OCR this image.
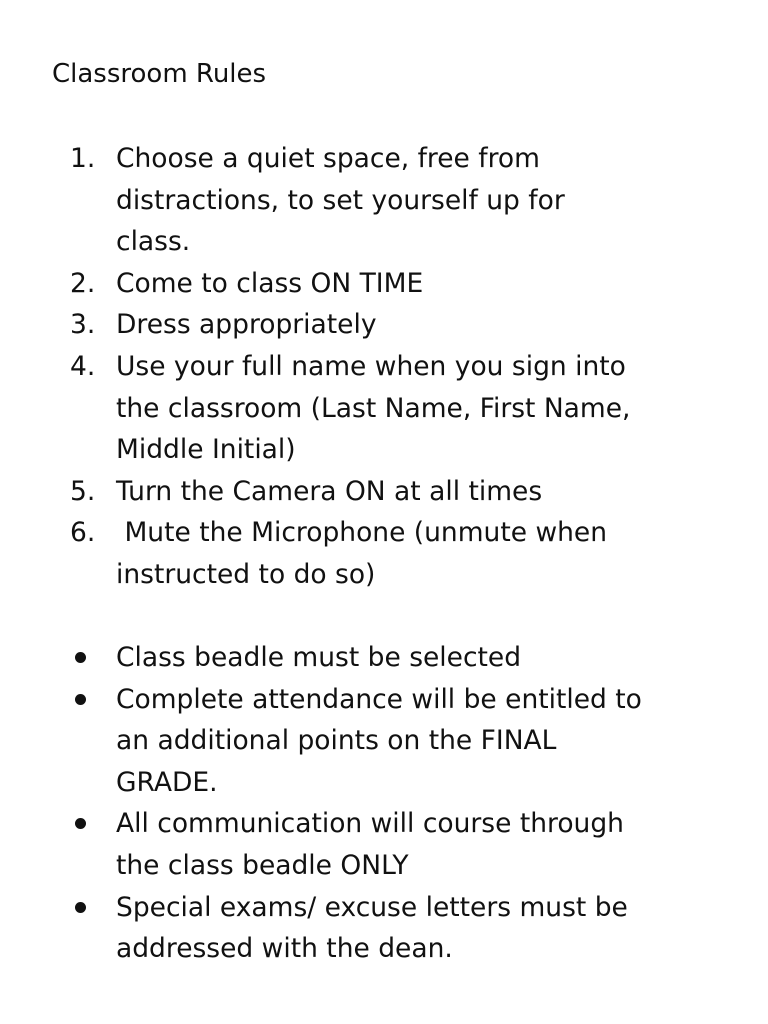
Classroom Rules
1. Choose a quiet space, free from
distractions, to set yourself up for
class.
2. Come to class ON TIME
3. Dress appropriately
4. Use your full name when you sign into
the classroom (Last Name, First Name,
Middle Initial)
5. Turn the Camera ON at all times
6.	Mute the Microphone (unmute when
instructed to do so)
Class beadle must be selected
Complete attendance will be entitled to
an additional points on the FINAL
GRADE.
All communication will course through
the class beadle ONLY
Special exams/ excuse letters must be
addressed with the dean.
